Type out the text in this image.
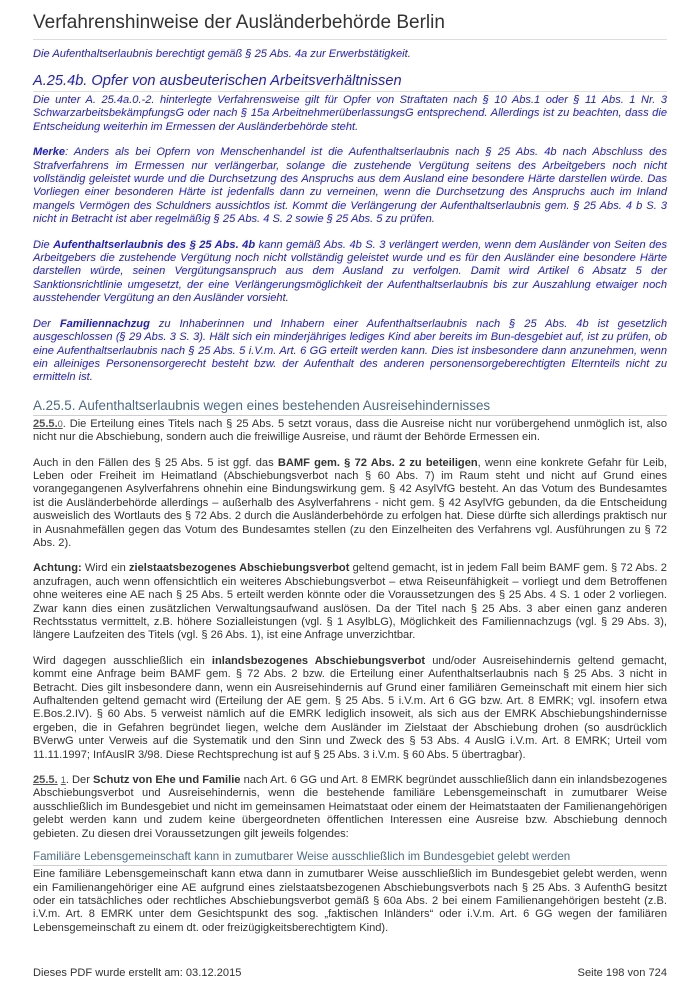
Verfahrenshinweise der Ausländerbehörde Berlin
Die Aufenthaltserlaubnis berechtigt gemäß § 25 Abs. 4a zur Erwerbstätigkeit.
A.25.4b. Opfer von ausbeuterischen Arbeitsverhältnissen

Die unter A. 25.4a.0.-2. hinterlegte Verfahrensweise gilt für Opfer von Straftaten nach § 10 Abs.1 oder § 11 Abs. 1 Nr. 3 SchwarzarbeitsbekämpfungsG oder nach § 15a ArbeitnehmerüberlassungsG entsprechend. Allerdings ist zu beachten, dass die Entscheidung weiterhin im Ermessen der Ausländerbehörde steht.

Merke: Anders als bei Opfern von Menschenhandel ist die Aufenthaltserlaubnis nach § 25 Abs. 4b nach Abschluss des Strafverfahrens im Ermessen nur verlängerbar, solange die zustehende Vergütung seitens des Arbeitgebers noch nicht vollständig geleistet wurde und die Durchsetzung des Anspruchs aus dem Ausland eine besondere Härte darstellen würde. Das Vorliegen einer besonderen Härte ist jedenfalls dann zu verneinen, wenn die Durchsetzung des Anspruchs auch im Inland mangels Vermögen des Schuldners aussichtlos ist. Kommt die Verlängerung der Aufenthaltserlaubnis gem. § 25 Abs. 4 b S. 3 nicht in Betracht ist aber regelmäßig § 25 Abs. 4 S. 2 sowie § 25 Abs. 5 zu prüfen.

Die Aufenthaltserlaubnis des § 25 Abs. 4b kann gemäß Abs. 4b S. 3 verlängert werden, wenn dem Ausländer von Seiten des Arbeitgebers die zustehende Vergütung noch nicht vollständig geleistet wurde und es für den Ausländer eine besondere Härte darstellen würde, seinen Vergütungsanspruch aus dem Ausland zu verfolgen. Damit wird Artikel 6 Absatz 5 der Sanktionsrichtlinie umgesetzt, der eine Verlängerungsmöglichkeit der Aufenthaltserlaubnis bis zur Auszahlung etwaiger noch ausstehender Vergütung an den Ausländer vorsieht.

Der Familiennachzug zu Inhaberinnen und Inhabern einer Aufenthaltserlaubnis nach § 25 Abs. 4b ist gesetzlich ausgeschlossen (§ 29 Abs. 3 S. 3). Hält sich ein minderjähriges lediges Kind aber bereits im Bun-desgebiet auf, ist zu prüfen, ob eine Aufenthaltserlaubnis nach § 25 Abs. 5 i.V.m. Art. 6 GG erteilt werden kann. Dies ist insbesondere dann anzunehmen, wenn ein alleiniges Personensorgerecht besteht bzw. der Aufenthalt des anderen personensorgeberechtigten Elternteils nicht zu ermitteln ist.

A.25.5. Aufenthaltserlaubnis wegen eines bestehenden Ausreisehindernisses

25.5.0. Die Erteilung eines Titels nach § 25 Abs. 5 setzt voraus, dass die Ausreise nicht nur vorübergehend unmöglich ist, also nicht nur die Abschiebung, sondern auch die freiwillige Ausreise, und räumt der Behörde Ermessen ein.

Auch in den Fällen des § 25 Abs. 5 ist ggf. das BAMF gem. § 72 Abs. 2 zu beteiligen, wenn eine konkrete Gefahr für Leib, Leben oder Freiheit im Heimatland (Abschiebungsverbot nach § 60 Abs. 7) im Raum steht und nicht auf Grund eines vorangegangenen Asylverfahrens ohnehin eine Bindungswirkung gem. § 42 AsylVfG besteht. An das Votum des Bundesamtes ist die Ausländerbehörde allerdings – außerhalb des Asylverfahrens - nicht gem. § 42 AsylVfG gebunden, da die Entscheidung ausweislich des Wortlauts des § 72 Abs. 2 durch die Ausländerbehörde zu erfolgen hat. Diese dürfte sich allerdings praktisch nur in Ausnahmefällen gegen das Votum des Bundesamtes stellen (zu den Einzelheiten des Verfahrens vgl. Ausführungen zu § 72 Abs. 2).

Achtung: Wird ein zielstaatsbezogenes Abschiebungsverbot geltend gemacht, ist in jedem Fall beim BAMF gem. § 72 Abs. 2 anzufragen, auch wenn offensichtlich ein weiteres Abschiebungsverbot – etwa Reiseunfähigkeit – vorliegt und dem Betroffenen ohne weiteres eine AE nach § 25 Abs. 5 erteilt werden könnte oder die Voraussetzungen des § 25 Abs. 4 S. 1 oder 2 vorliegen. Zwar kann dies einen zusätzlichen Verwaltungsaufwand auslösen. Da der Titel nach § 25 Abs. 3 aber einen ganz anderen Rechtsstatus vermittelt, z.B. höhere Sozialleistungen (vgl. § 1 AsylbLG), Möglichkeit des Familiennachzugs (vgl. § 29 Abs. 3), längere Laufzeiten des Titels (vgl. § 26 Abs. 1), ist eine Anfrage unverzichtbar.

Wird dagegen ausschließlich ein inlandsbezogenes Abschiebungsverbot und/oder Ausreisehindernis geltend gemacht, kommt eine Anfrage beim BAMF gem. § 72 Abs. 2 bzw. die Erteilung einer Aufenthaltserlaubnis nach § 25 Abs. 3 nicht in Betracht. Dies gilt insbesondere dann, wenn ein Ausreisehindernis auf Grund einer familiären Gemeinschaft mit einem hier sich Aufhaltenden geltend gemacht wird (Erteilung der AE gem. § 25 Abs. 5 i.V.m. Art 6 GG bzw. Art. 8 EMRK; vgl. insofern etwa E.Bos.2.IV). § 60 Abs. 5 verweist nämlich auf die EMRK lediglich insoweit, als sich aus der EMRK Abschiebungshindernisse ergeben, die in Gefahren begründet liegen, welche dem Ausländer im Zielstaat der Abschiebung drohen (so ausdrücklich BVerwG unter Verweis auf die Systematik und den Sinn und Zweck des § 53 Abs. 4 AuslG i.V.m. Art. 8 EMRK; Urteil vom 11.11.1997; InfAuslR 3/98. Diese Rechtsprechung ist auf § 25 Abs. 3 i.V.m. § 60 Abs. 5 übertragbar).

25.5. 1. Der Schutz von Ehe und Familie nach Art. 6 GG und Art. 8 EMRK begründet ausschließlich dann ein inlandsbezogenes Abschiebungsverbot und Ausreisehindernis, wenn die bestehende familiäre Lebensgemeinschaft in zumutbarer Weise ausschließlich im Bundesgebiet und nicht im gemeinsamen Heimatstaat oder einem der Heimatstaaten der Familienangehörigen gelebt werden kann und zudem keine übergeordneten öffentlichen Interessen eine Ausreise bzw. Abschiebung dennoch gebieten. Zu diesen drei Voraussetzungen gilt jeweils folgendes:

Familiäre Lebensgemeinschaft kann in zumutbarer Weise ausschließlich im Bundesgebiet gelebt werden

Eine familiäre Lebensgemeinschaft kann etwa dann in zumutbarer Weise ausschließlich im Bundesgebiet gelebt werden, wenn ein Familienangehöriger eine AE aufgrund eines zielstaatsbezogenen Abschiebungsverbots nach § 25 Abs. 3 AufenthG besitzt oder ein tatsächliches oder rechtliches Abschiebungsverbot gemäß § 60a Abs. 2 bei einem Familienangehörigen besteht (z.B. i.V.m. Art. 8 EMRK unter dem Gesichtspunkt des sog. „faktischen Inländers“ oder i.V.m. Art. 6 GG wegen der familiären Lebensgemeinschaft zu einem dt. oder freizügigkeitsberechtigtem Kind).

Dieses PDF wurde erstellt am: 03.12.2015	Seite 198 von 724
